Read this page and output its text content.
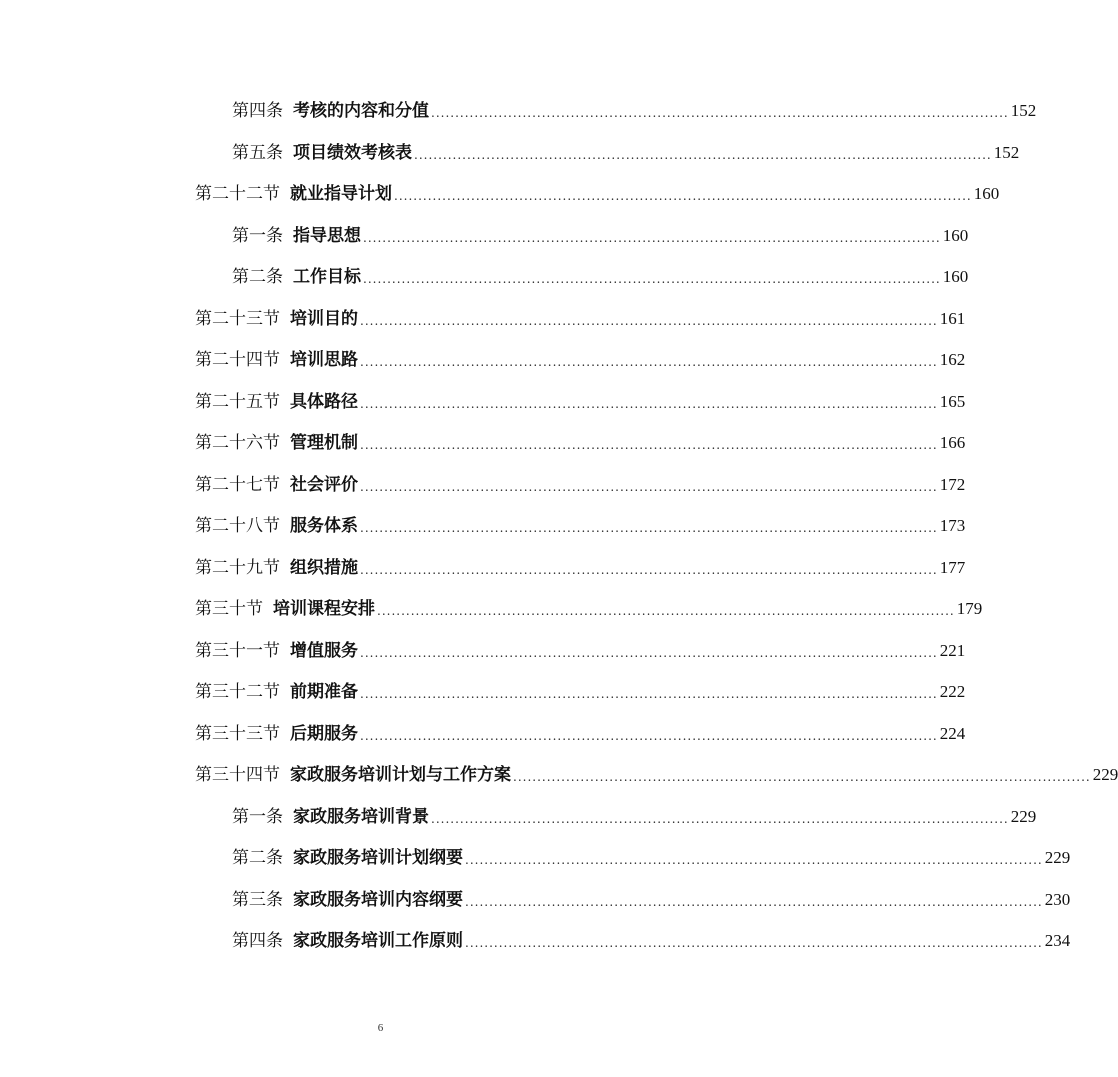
第四条 考核的内容和分值 ........................................................................................................................ 152
第五条 项目绩效考核表 ........................................................................................................................ 152
第二十二节 就业指导计划 ........................................................................................................................ 160
第一条 指导思想 ........................................................................................................................ 160
第二条 工作目标 ........................................................................................................................ 160
第二十三节 培训目的 ........................................................................................................................ 161
第二十四节 培训思路 ........................................................................................................................ 162
第二十五节 具体路径 ........................................................................................................................ 165
第二十六节 管理机制 ........................................................................................................................ 166
第二十七节 社会评价 ........................................................................................................................ 172
第二十八节 服务体系 ........................................................................................................................ 173
第二十九节 组织措施 ........................................................................................................................ 177
第三十节 培训课程安排 ........................................................................................................................ 179
第三十一节 增值服务 ........................................................................................................................ 221
第三十二节 前期准备 ........................................................................................................................ 222
第三十三节 后期服务 ........................................................................................................................ 224
第三十四节 家政服务培训计划与工作方案 ........................................................................................................................ 229
第一条 家政服务培训背景 ........................................................................................................................ 229
第二条 家政服务培训计划纲要 ........................................................................................................................ 229
第三条 家政服务培训内容纲要 ........................................................................................................................ 230
第四条 家政服务培训工作原则 ........................................................................................................................ 234
6
